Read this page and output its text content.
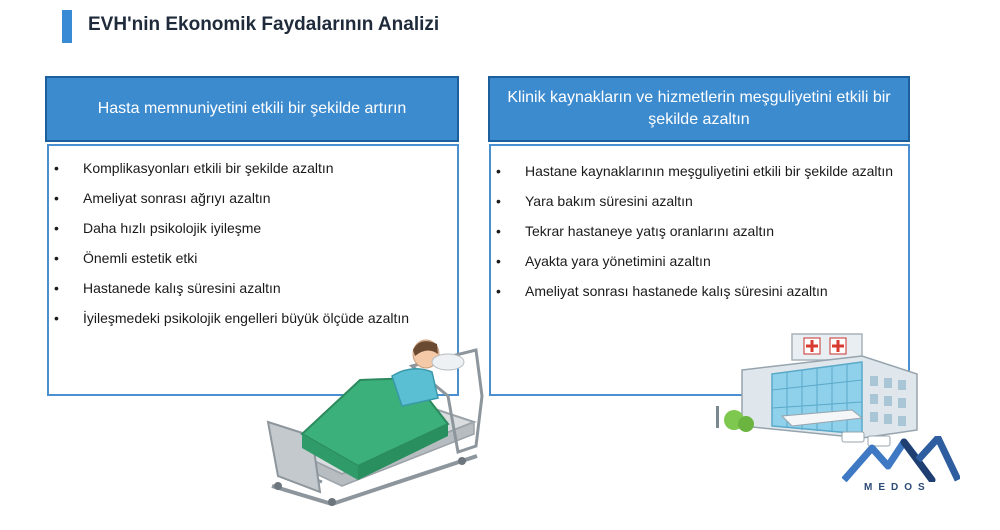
EVH'nin Ekonomik Faydalarının Analizi
Hasta memnuniyetini etkili bir şekilde artırın
• Komplikasyonları etkili bir şekilde azaltın
• Ameliyat sonrası ağrıyı azaltın
• Daha hızlı psikolojik iyileşme
• Önemli estetik etki
• Hastanede kalış süresini azaltın
• İyileşmedeki psikolojik engelleri büyük ölçüde azaltın
Klinik kaynakların ve hizmetlerin meşguliyetini etkili bir şekilde azaltın
• Hastane kaynaklarının meşguliyetini etkili bir şekilde azaltın
• Yara bakım süresini azaltın
• Tekrar hastaneye yatış oranlarını azaltın
• Ayakta yara yönetimini azaltın
• Ameliyat sonrası hastanede kalış süresini azaltın
MEDOS
